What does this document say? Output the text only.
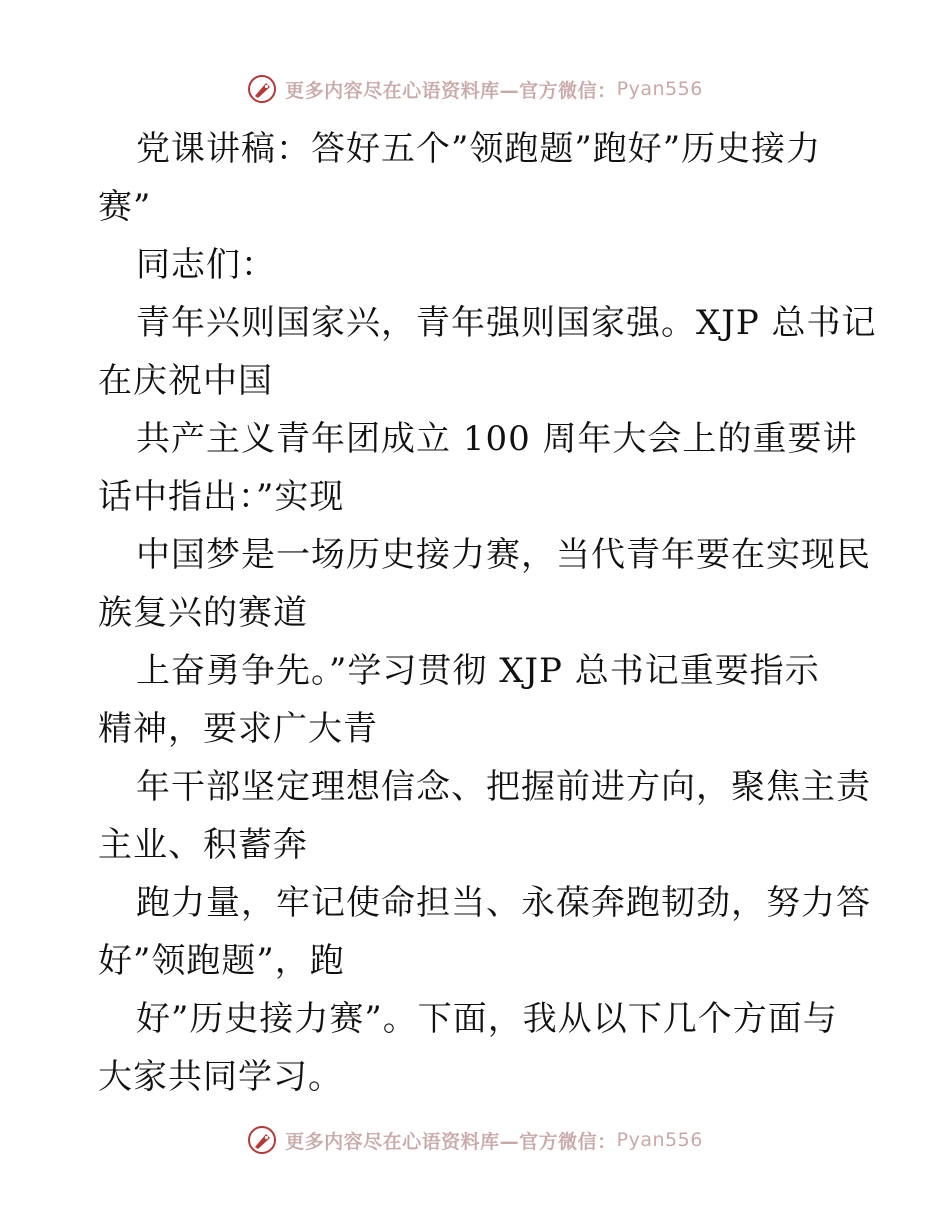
更多内容尽在心语资料库—官方微信： Pyan556
党课讲稿：答好五个”领跑题”跑好”历史接力
赛”
同志们：
青年兴则国家兴，青年强则国家强。XJP 总书记
在庆祝中国
共产主义青年团成立 100 周年大会上的重要讲
话中指出：”实现
中国梦是一场历史接力赛，当代青年要在实现民
族复兴的赛道
上奋勇争先。”学习贯彻 XJP 总书记重要指示
精神，要求广大青
年干部坚定理想信念、把握前进方向，聚焦主责
主业、积蓄奔
跑力量，牢记使命担当、永葆奔跑韧劲，努力答
好”领跑题”，跑
好”历史接力赛”。下面，我从以下几个方面与
大家共同学习。
更多内容尽在心语资料库—官方微信： Pyan556
